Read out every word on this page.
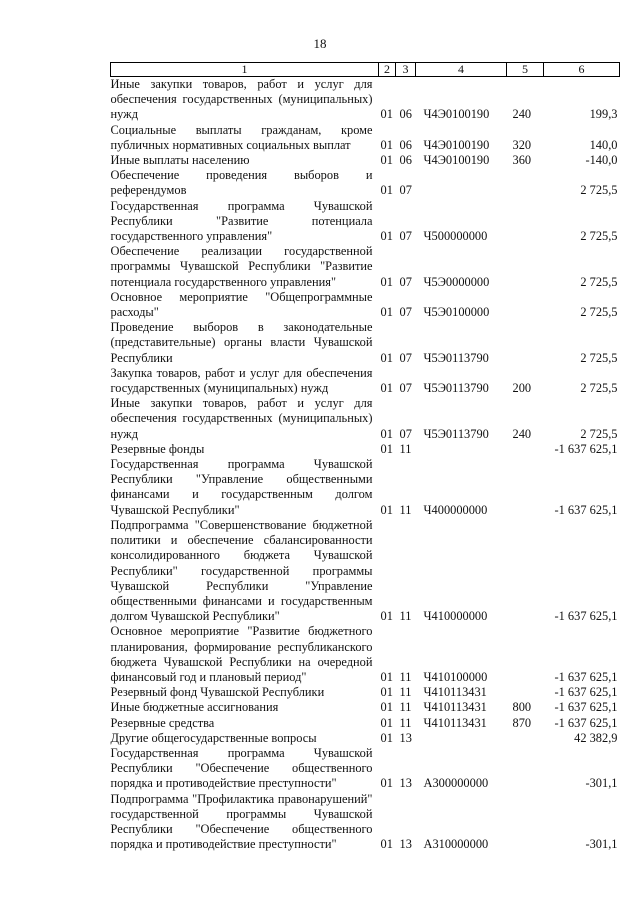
18
1	2	3	4	5	6
Иные закупки товаров, работ и услуг для обеспечения государственных (муниципальных) нужд	01	06	Ч4Э0100190	240	199,3
Социальные выплаты гражданам, кроме публичных нормативных социальных выплат	01	06	Ч4Э0100190	320	140,0
Иные выплаты населению	01	06	Ч4Э0100190	360	-140,0
Обеспечение проведения выборов и референдумов	01	07			2 725,5
Государственная программа Чувашской Республики "Развитие потенциала государственного управления"	01	07	Ч500000000		2 725,5
Обеспечение реализации государственной программы Чувашской Республики "Развитие потенциала государственного управления"	01	07	Ч5Э0000000		2 725,5
Основное мероприятие "Общепрограммные расходы"	01	07	Ч5Э0100000		2 725,5
Проведение выборов в законодательные (представительные) органы власти Чувашской Республики	01	07	Ч5Э0113790		2 725,5
Закупка товаров, работ и услуг для обеспечения государственных (муниципальных) нужд	01	07	Ч5Э0113790	200	2 725,5
Иные закупки товаров, работ и услуг для обеспечения государственных (муниципальных) нужд	01	07	Ч5Э0113790	240	2 725,5
Резервные фонды	01	11			-1 637 625,1
Государственная программа Чувашской Республики "Управление общественными финансами и государственным долгом Чувашской Республики"	01	11	Ч400000000		-1 637 625,1
Подпрограмма "Совершенствование бюджетной политики и обеспечение сбалансированности консолидированного бюджета Чувашской Республики" государственной программы Чувашской Республики "Управление общественными финансами и государственным долгом Чувашской Республики"	01	11	Ч410000000		-1 637 625,1
Основное мероприятие "Развитие бюджетного планирования, формирование республиканского бюджета Чувашской Республики на очередной финансовый год и плановый период"	01	11	Ч410100000		-1 637 625,1
Резервный фонд Чувашской Республики	01	11	Ч410113431		-1 637 625,1
Иные бюджетные ассигнования	01	11	Ч410113431	800	-1 637 625,1
Резервные средства	01	11	Ч410113431	870	-1 637 625,1
Другие общегосударственные вопросы	01	13			42 382,9
Государственная программа Чувашской Республики "Обеспечение общественного порядка и противодействие преступности"	01	13	А300000000		-301,1
Подпрограмма "Профилактика правонарушений" государственной программы Чувашской Республики "Обеспечение общественного порядка и противодействие преступности"	01	13	А310000000		-301,1
